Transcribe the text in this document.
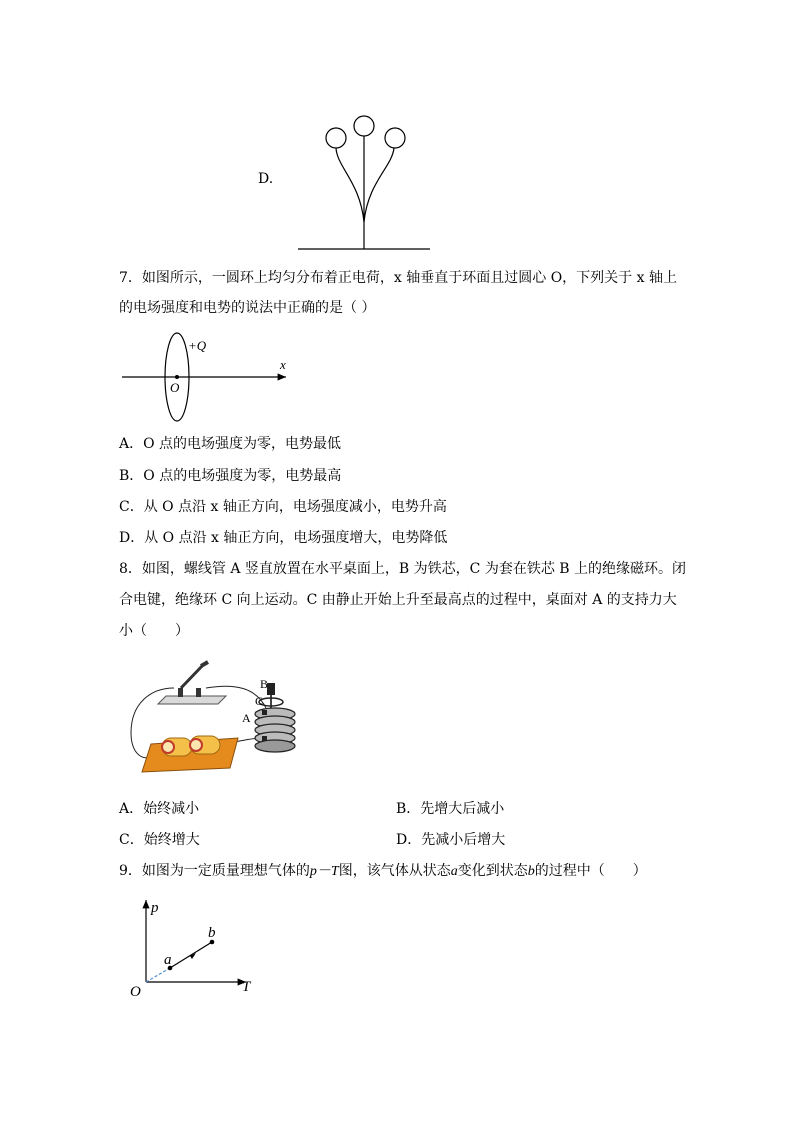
D.
7．如图所示，一圆环上均匀分布着正电荷，x 轴垂直于环面且过圆心 O，下列关于 x 轴上
的电场强度和电势的说法中正确的是（ ）
+Q
O
x
A．O 点的电场强度为零，电势最低
B．O 点的电场强度为零，电势最高
C．从 O 点沿 x 轴正方向，电场强度减小，电势升高
D．从 O 点沿 x 轴正方向，电场强度增大，电势降低
8．如图，螺线管 A 竖直放置在水平桌面上，B 为铁芯，C 为套在铁芯 B 上的绝缘磁环。闭
合电键，绝缘环 C 向上运动。C 由静止开始上升至最高点的过程中，桌面对 A 的支持力大
小（　　）
B
C
A
A．始终减小	B．先增大后减小
C．始终增大	D．先减小后增大
9．如图为一定质量理想气体的p－T图，该气体从状态a变化到状态b的过程中（　　）
p
T
O
a
b
